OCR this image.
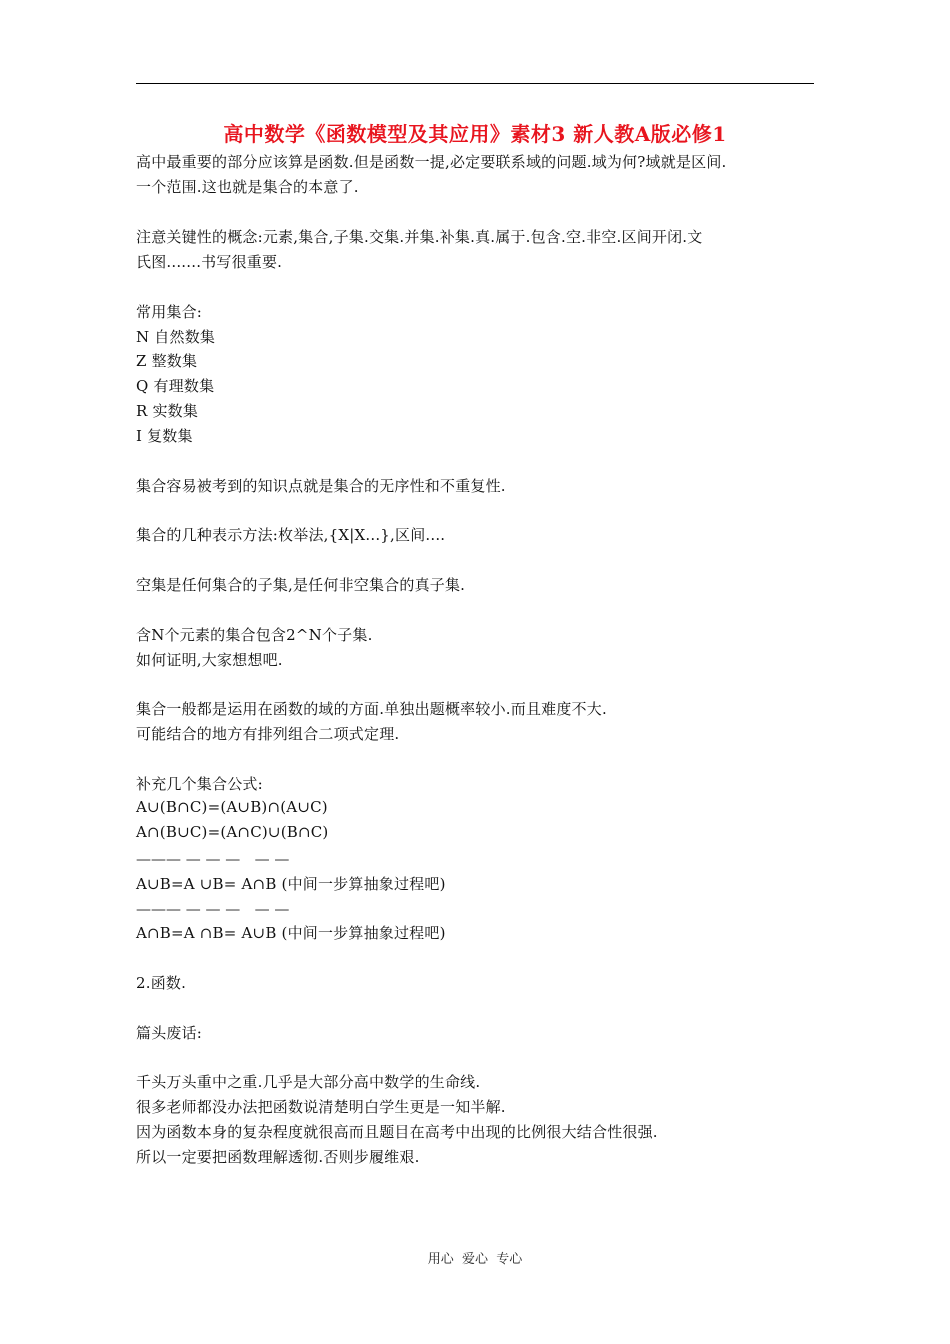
高中数学《函数模型及其应用》素材3 新人教A版必修1
高中最重要的部分应该算是函数.但是函数一提,必定要联系域的问题.域为何?域就是区间.
一个范围.这也就是集合的本意了.
注意关键性的概念:元素,集合,子集.交集.并集.补集.真.属于.包含.空.非空.区间开闭.文
氏图.......书写很重要.
常用集合:
N 自然数集
Z 整数集
Q 有理数集
R 实数集
I 复数集
集合容易被考到的知识点就是集合的无序性和不重复性.
集合的几种表示方法:枚举法,{X|X...},区间....
空集是任何集合的子集,是任何非空集合的真子集.
含N个元素的集合包含2^N个子集.
如何证明,大家想想吧.
集合一般都是运用在函数的域的方面.单独出题概率较小.而且难度不大.
可能结合的地方有排列组合二项式定理.
补充几个集合公式:
A∪(B∩C)=(A∪B)∩(A∪C)
A∩(B∪C)=(A∩C)∪(B∩C)
——— — — —   — —
A∪B=A ∪B= A∩B (中间一步算抽象过程吧)
——— — — —   — —
A∩B=A ∩B= A∪B (中间一步算抽象过程吧)
2.函数.
篇头废话:
千头万头重中之重.几乎是大部分高中数学的生命线.
很多老师都没办法把函数说清楚明白学生更是一知半解.
因为函数本身的复杂程度就很高而且题目在高考中出现的比例很大结合性很强.
所以一定要把函数理解透彻.否则步履维艰.
用心  爱心  专心
